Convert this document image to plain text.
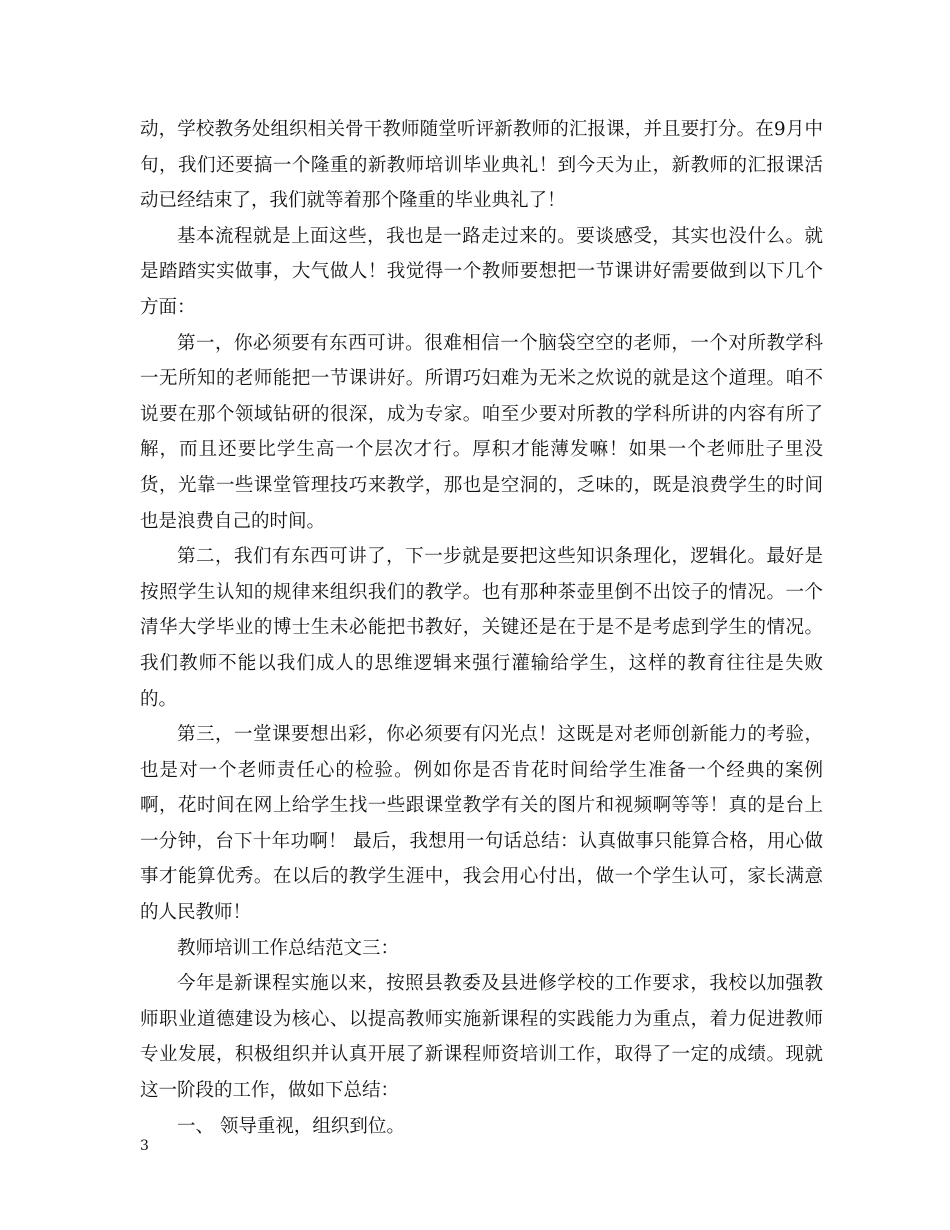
动，学校教务处组织相关骨干教师随堂听评新教师的汇报课，并且要打分。在9月中旬，我们还要搞一个隆重的新教师培训毕业典礼！到今天为止，新教师的汇报课活动已经结束了，我们就等着那个隆重的毕业典礼了！

基本流程就是上面这些，我也是一路走过来的。要谈感受，其实也没什么。就是踏踏实实做事，大气做人！我觉得一个教师要想把一节课讲好需要做到以下几个方面：

第一，你必须要有东西可讲。很难相信一个脑袋空空的老师，一个对所教学科一无所知的老师能把一节课讲好。所谓巧妇难为无米之炊说的就是这个道理。咱不说要在那个领域钻研的很深，成为专家。咱至少要对所教的学科所讲的内容有所了解，而且还要比学生高一个层次才行。厚积才能薄发嘛！如果一个老师肚子里没货，光靠一些课堂管理技巧来教学，那也是空洞的，乏味的，既是浪费学生的时间也是浪费自己的时间。

第二，我们有东西可讲了，下一步就是要把这些知识条理化，逻辑化。最好是按照学生认知的规律来组织我们的教学。也有那种茶壶里倒不出饺子的情况。一个清华大学毕业的博士生未必能把书教好，关键还是在于是不是考虑到学生的情况。我们教师不能以我们成人的思维逻辑来强行灌输给学生，这样的教育往往是失败的。

第三，一堂课要想出彩，你必须要有闪光点！这既是对老师创新能力的考验，也是对一个老师责任心的检验。例如你是否肯花时间给学生准备一个经典的案例啊，花时间在网上给学生找一些跟课堂教学有关的图片和视频啊等等！真的是台上一分钟，台下十年功啊！ 最后，我想用一句话总结：认真做事只能算合格，用心做事才能算优秀。在以后的教学生涯中，我会用心付出，做一个学生认可，家长满意的人民教师！

教师培训工作总结范文三：

今年是新课程实施以来，按照县教委及县进修学校的工作要求，我校以加强教师职业道德建设为核心、以提高教师实施新课程的实践能力为重点，着力促进教师专业发展，积极组织并认真开展了新课程师资培训工作，取得了一定的成绩。现就这一阶段的工作，做如下总结：

一、 领导重视，组织到位。

3
